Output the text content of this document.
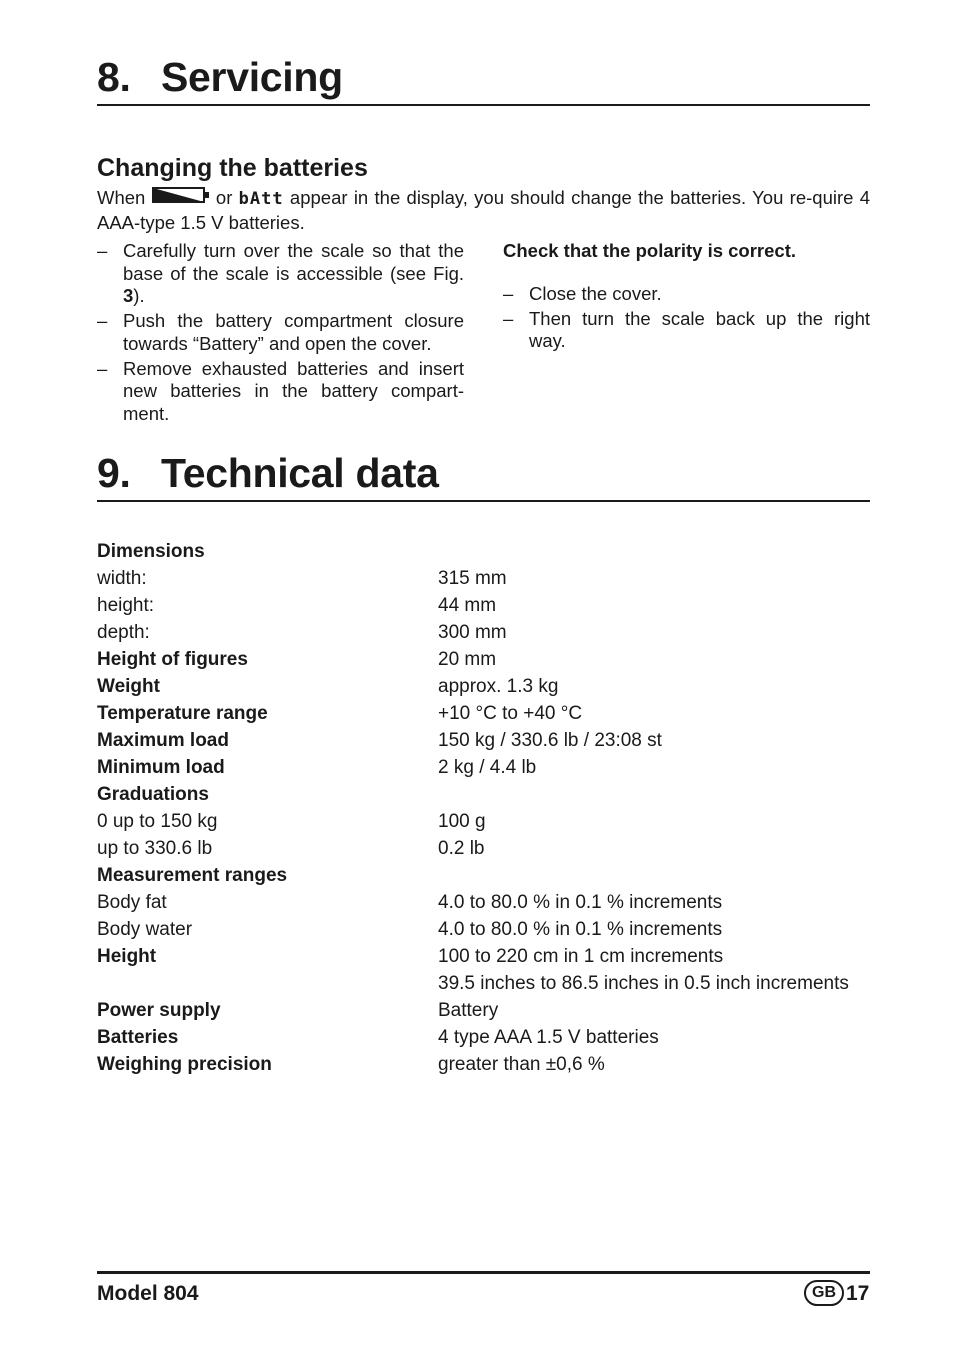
8. Servicing
Changing the batteries
When	or bAtt appear in the display, you should change the batteries. You re-quire 4 AAA-type 1.5 V batteries.
– Carefully turn over the scale so that the base of the scale is accessible (see Fig. 3).
– Push the battery compartment closure towards “Battery” and open the cover.
– Remove exhausted batteries and insert new batteries in the battery compart-ment.
Check that the polarity is correct.
– Close the cover.
– Then turn the scale back up the right way.
9. Technical data
Dimensions
width:	315 mm
height:	44 mm
depth:	300 mm
Height of figures	20 mm
Weight	approx. 1.3 kg
Temperature range	+10 °C to +40 °C
Maximum load	150 kg / 330.6 lb / 23:08 st
Minimum load	2 kg / 4.4 lb
Graduations
0 up to 150 kg	100 g
up to 330.6 lb	0.2 lb
Measurement ranges
Body fat	4.0 to 80.0 % in 0.1 % increments
Body water	4.0 to 80.0 % in 0.1 % increments
Height	100 to 220 cm in 1 cm increments
39.5 inches to 86.5 inches in 0.5 inch increments
Power supply	Battery
Batteries	4 type AAA 1.5 V batteries
Weighing precision	greater than ±0,6 %
Model 804	GB 17
